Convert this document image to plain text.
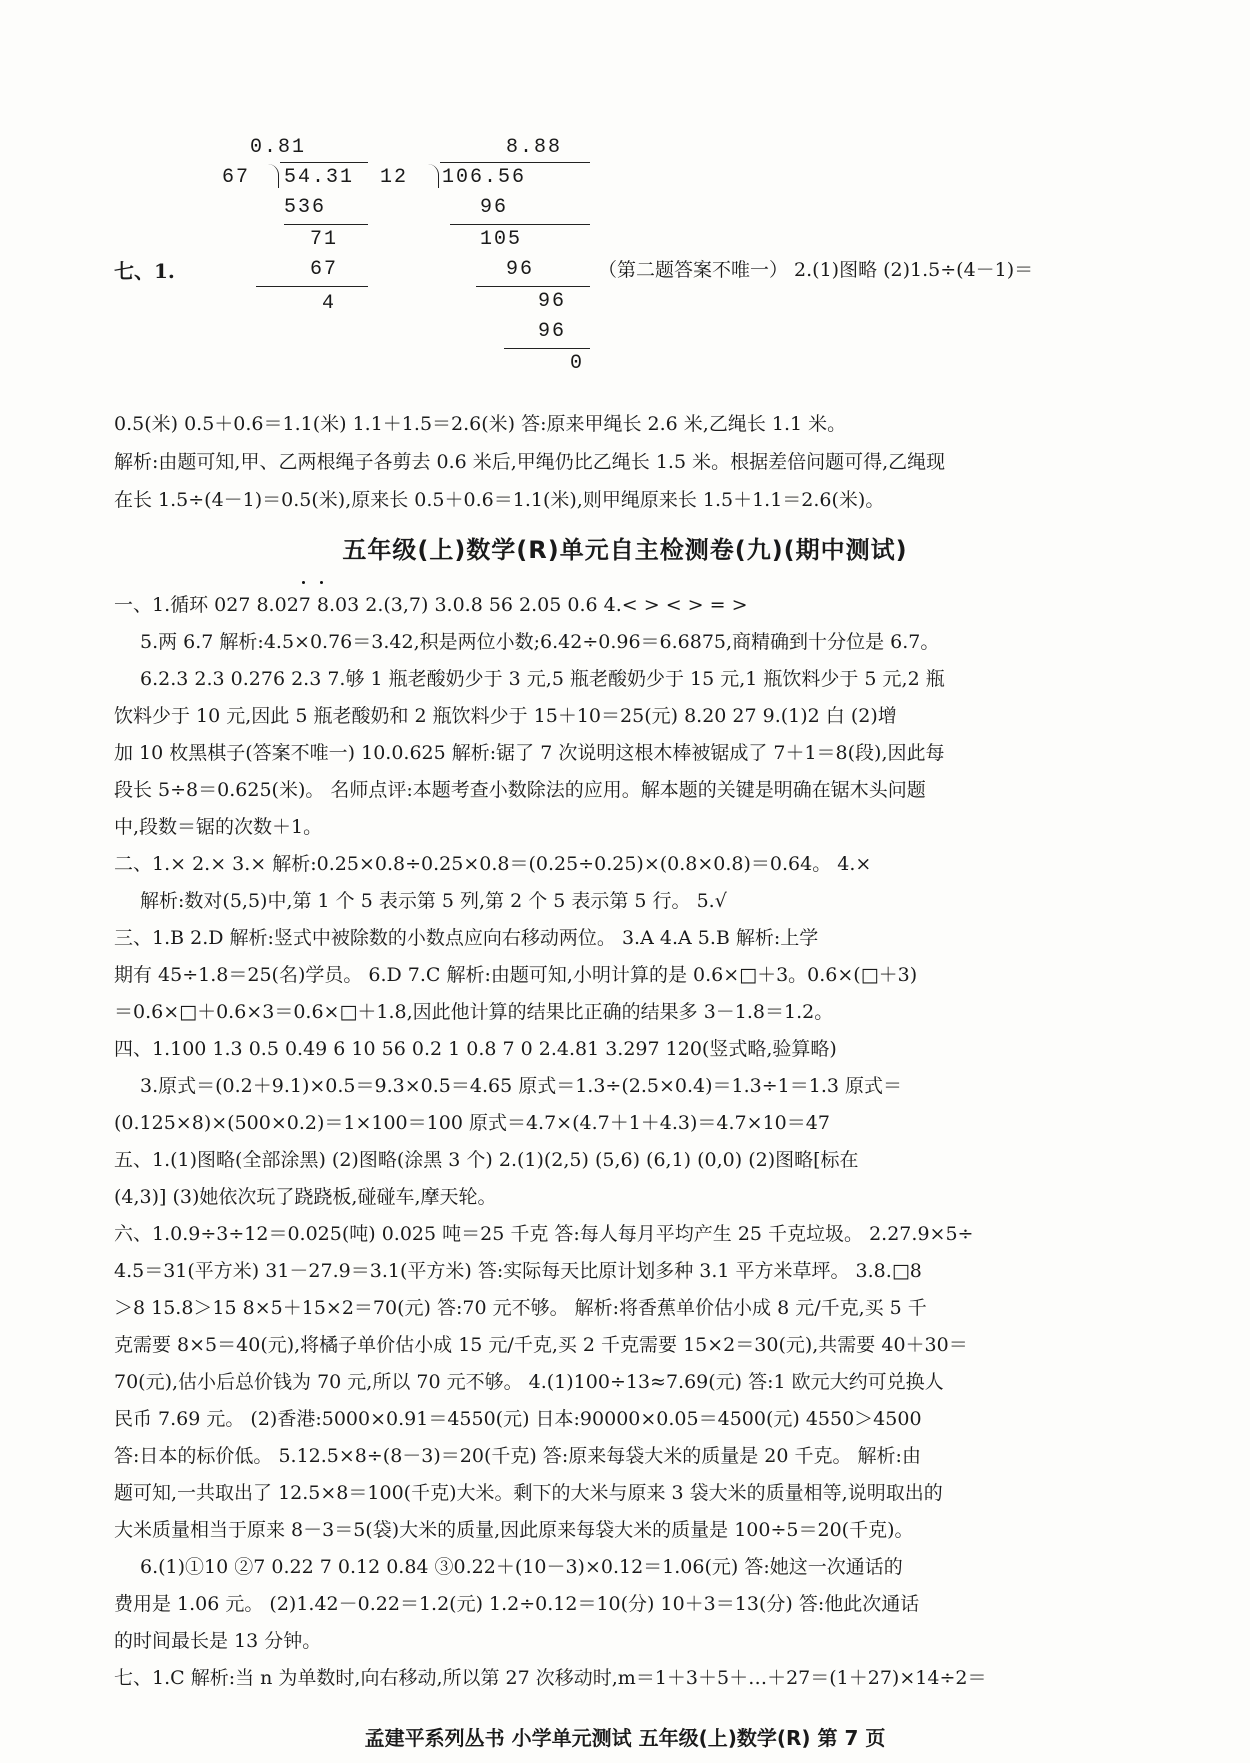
0.81
67 54.31
536
71
67
4
8.88
12 106.56
96
105
96
96
96
0
七、1.	（第二题答案不唯一） 2.(1)图略 (2)1.5÷(4－1)＝
0.5(米) 0.5＋0.6＝1.1(米) 1.1＋1.5＝2.6(米) 答:原来甲绳长 2.6 米,乙绳长 1.1 米。
解析:由题可知,甲、乙两根绳子各剪去 0.6 米后,甲绳仍比乙绳长 1.5 米。根据差倍问题可得,乙绳现
在长 1.5÷(4－1)＝0.5(米),原来长 0.5＋0.6＝1.1(米),则甲绳原来长 1.5＋1.1＝2.6(米)。
五年级(上)数学(R)单元自主检测卷(九)(期中测试)
一、1.循环 027 8.027 8.03 2.(3,7) 3.0.8 56 2.05 0.6 4.< > < > = >
5.两 6.7 解析:4.5×0.76＝3.42,积是两位小数;6.42÷0.96＝6.6875,商精确到十分位是 6.7。
6.2.3 2.3 0.276 2.3 7.够 1 瓶老酸奶少于 3 元,5 瓶老酸奶少于 15 元,1 瓶饮料少于 5 元,2 瓶
饮料少于 10 元,因此 5 瓶老酸奶和 2 瓶饮料少于 15＋10＝25(元) 8.20 27 9.(1)2 白 (2)增
加 10 枚黑棋子(答案不唯一) 10.0.625 解析:锯了 7 次说明这根木棒被锯成了 7＋1＝8(段),因此每
段长 5÷8＝0.625(米)。 名师点评:本题考查小数除法的应用。解本题的关键是明确在锯木头问题
中,段数＝锯的次数＋1。
二、1.× 2.× 3.× 解析:0.25×0.8÷0.25×0.8＝(0.25÷0.25)×(0.8×0.8)＝0.64。 4.×
解析:数对(5,5)中,第 1 个 5 表示第 5 列,第 2 个 5 表示第 5 行。 5.√
三、1.B 2.D 解析:竖式中被除数的小数点应向右移动两位。 3.A 4.A 5.B 解析:上学
期有 45÷1.8＝25(名)学员。 6.D 7.C 解析:由题可知,小明计算的是 0.6×□＋3。0.6×(□＋3)
＝0.6×□＋0.6×3＝0.6×□＋1.8,因此他计算的结果比正确的结果多 3－1.8＝1.2。
四、1.100 1.3 0.5 0.49 6 10 56 0.2 1 0.8 7 0 2.4.81 3.297 120(竖式略,验算略)
3.原式＝(0.2＋9.1)×0.5＝9.3×0.5＝4.65 原式＝1.3÷(2.5×0.4)＝1.3÷1＝1.3 原式＝
(0.125×8)×(500×0.2)＝1×100＝100 原式＝4.7×(4.7＋1＋4.3)＝4.7×10＝47
五、1.(1)图略(全部涂黑) (2)图略(涂黑 3 个) 2.(1)(2,5) (5,6) (6,1) (0,0) (2)图略[标在
(4,3)] (3)她依次玩了跷跷板,碰碰车,摩天轮。
六、1.0.9÷3÷12＝0.025(吨) 0.025 吨＝25 千克 答:每人每月平均产生 25 千克垃圾。 2.27.9×5÷
4.5＝31(平方米) 31－27.9＝3.1(平方米) 答:实际每天比原计划多种 3.1 平方米草坪。 3.8.□8
＞8 15.8＞15 8×5＋15×2＝70(元) 答:70 元不够。 解析:将香蕉单价估小成 8 元/千克,买 5 千
克需要 8×5＝40(元),将橘子单价估小成 15 元/千克,买 2 千克需要 15×2＝30(元),共需要 40＋30＝
70(元),估小后总价钱为 70 元,所以 70 元不够。 4.(1)100÷13≈7.69(元) 答:1 欧元大约可兑换人
民币 7.69 元。 (2)香港:5000×0.91＝4550(元) 日本:90000×0.05＝4500(元) 4550＞4500
答:日本的标价低。 5.12.5×8÷(8－3)＝20(千克) 答:原来每袋大米的质量是 20 千克。 解析:由
题可知,一共取出了 12.5×8＝100(千克)大米。剩下的大米与原来 3 袋大米的质量相等,说明取出的
大米质量相当于原来 8－3＝5(袋)大米的质量,因此原来每袋大米的质量是 100÷5＝20(千克)。
6.(1)①10 ②7 0.22 7 0.12 0.84 ③0.22＋(10－3)×0.12＝1.06(元) 答:她这一次通话的
费用是 1.06 元。 (2)1.42－0.22＝1.2(元) 1.2÷0.12＝10(分) 10＋3＝13(分) 答:他此次通话
的时间最长是 13 分钟。
七、1.C 解析:当 n 为单数时,向右移动,所以第 27 次移动时,m＝1＋3＋5＋…＋27＝(1＋27)×14÷2＝
孟建平系列丛书 小学单元测试 五年级(上)数学(R) 第 7 页
